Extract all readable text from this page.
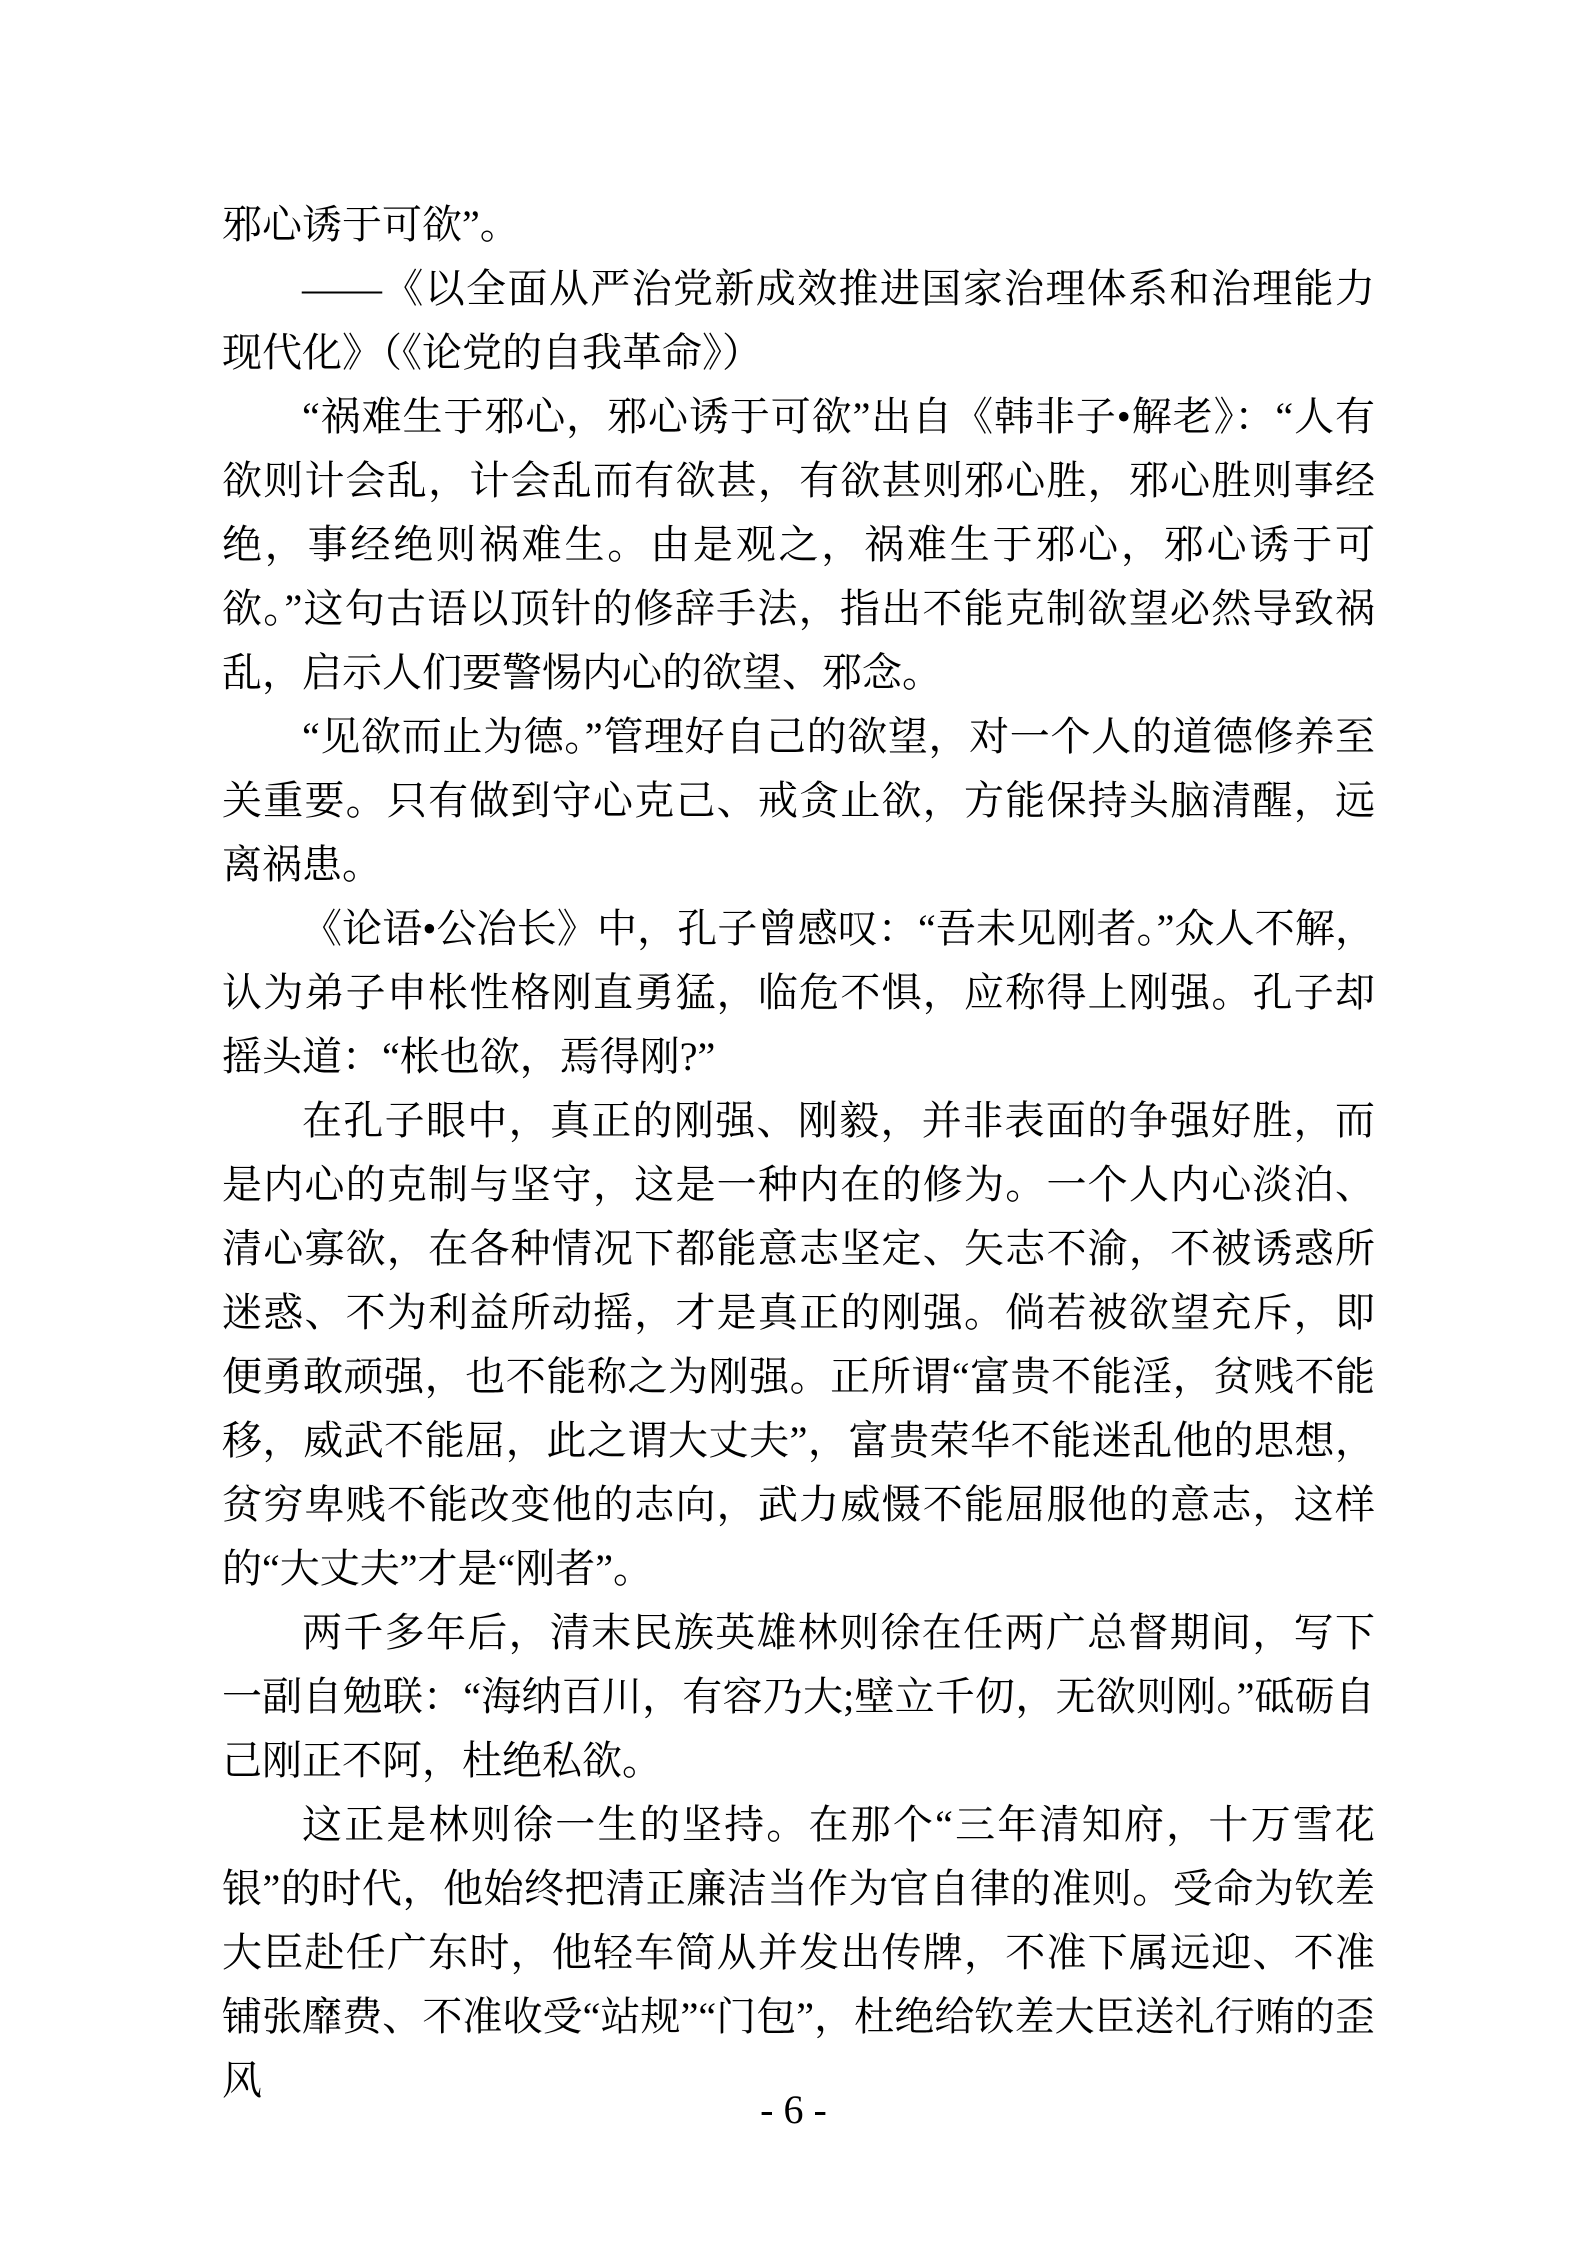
邪心诱于可欲”。

——《以全面从严治党新成效推进国家治理体系和治理能力现代化》（《论党的自我革命》）

“祸难生于邪心，邪心诱于可欲”出自《韩非子•解老》：“人有欲则计会乱，计会乱而有欲甚，有欲甚则邪心胜，邪心胜则事经绝，事经绝则祸难生。由是观之，祸难生于邪心，邪心诱于可欲。”这句古语以顶针的修辞手法，指出不能克制欲望必然导致祸乱，启示人们要警惕内心的欲望、邪念。

“见欲而止为德。”管理好自己的欲望，对一个人的道德修养至关重要。只有做到守心克己、戒贪止欲，方能保持头脑清醒，远离祸患。

《论语•公冶长》中，孔子曾感叹：“吾未见刚者。”众人不解，认为弟子申枨性格刚直勇猛，临危不惧，应称得上刚强。孔子却摇头道：“枨也欲，焉得刚?”

在孔子眼中，真正的刚强、刚毅，并非表面的争强好胜，而是内心的克制与坚守，这是一种内在的修为。一个人内心淡泊、清心寡欲，在各种情况下都能意志坚定、矢志不渝，不被诱惑所迷惑、不为利益所动摇，才是真正的刚强。倘若被欲望充斥，即便勇敢顽强，也不能称之为刚强。正所谓“富贵不能淫，贫贱不能移，威武不能屈，此之谓大丈夫”，富贵荣华不能迷乱他的思想，贫穷卑贱不能改变他的志向，武力威慑不能屈服他的意志，这样的“大丈夫”才是“刚者”。

两千多年后，清末民族英雄林则徐在任两广总督期间，写下一副自勉联：“海纳百川，有容乃大;壁立千仞，无欲则刚。”砥砺自己刚正不阿，杜绝私欲。

这正是林则徐一生的坚持。在那个“三年清知府，十万雪花银”的时代，他始终把清正廉洁当作为官自律的准则。受命为钦差大臣赴任广东时，他轻车简从并发出传牌，不准下属远迎、不准铺张靡费、不准收受“站规”“门包”，杜绝给钦差大臣送礼行贿的歪风

- 6 -
